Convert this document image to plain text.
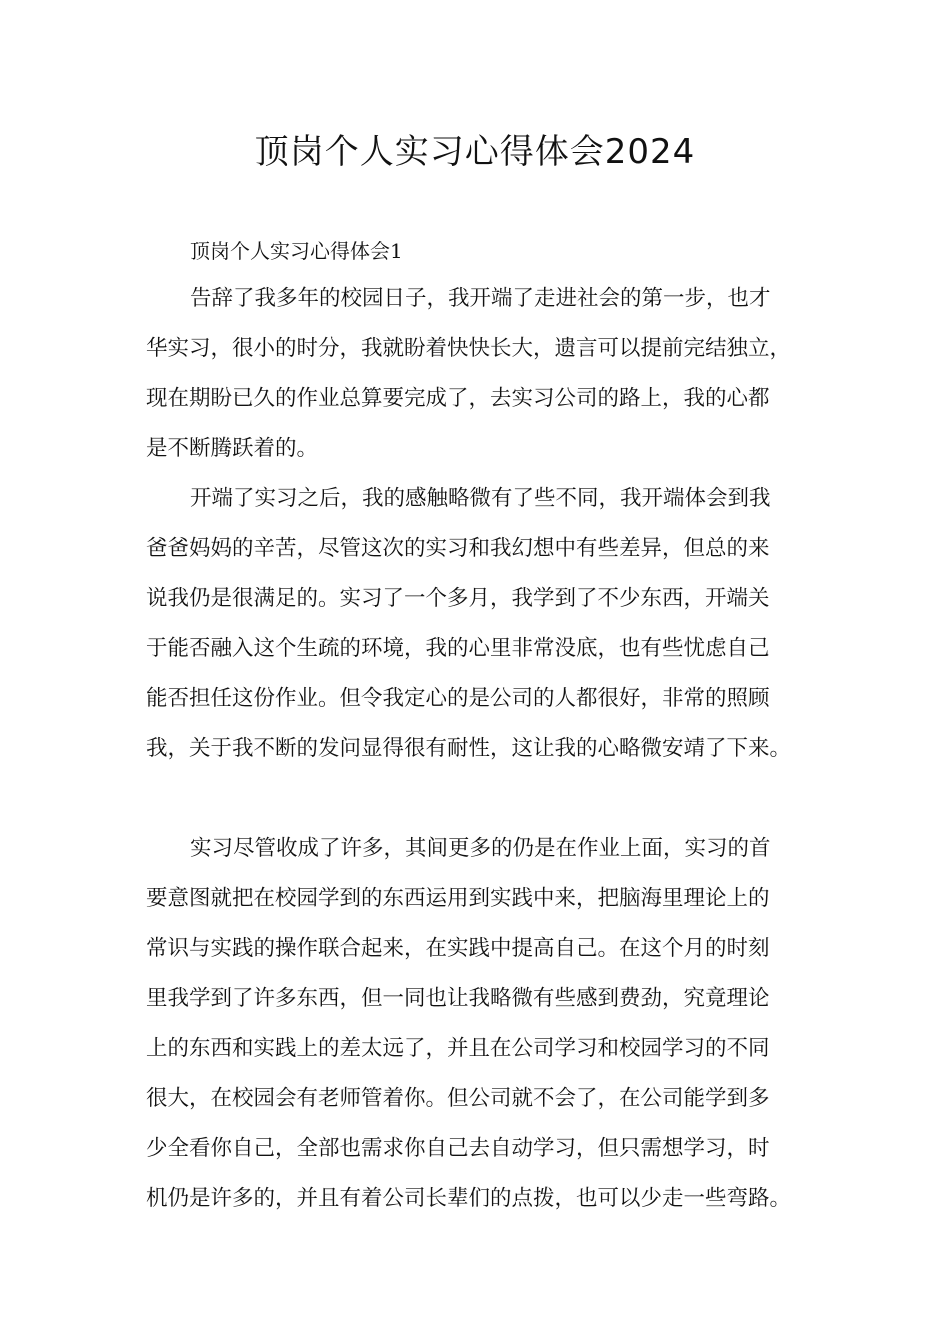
顶岗个人实习心得体会2024

顶岗个人实习心得体会1

告辞了我多年的校园日子，我开端了走进社会的第一步，也才
华实习，很小的时分，我就盼着快快长大，遗言可以提前完结独立，
现在期盼已久的作业总算要完成了，去实习公司的路上，我的心都
是不断腾跃着的。
开端了实习之后，我的感触略微有了些不同，我开端体会到我
爸爸妈妈的辛苦，尽管这次的实习和我幻想中有些差异，但总的来
说我仍是很满足的。实习了一个多月，我学到了不少东西，开端关
于能否融入这个生疏的环境，我的心里非常没底，也有些忧虑自己
能否担任这份作业。但令我定心的是公司的人都很好，非常的照顾
我，关于我不断的发问显得很有耐性，这让我的心略微安靖了下来。
实习尽管收成了许多，其间更多的仍是在作业上面，实习的首
要意图就把在校园学到的东西运用到实践中来，把脑海里理论上的
常识与实践的操作联合起来，在实践中提高自己。在这个月的时刻
里我学到了许多东西，但一同也让我略微有些感到费劲，究竟理论
上的东西和实践上的差太远了，并且在公司学习和校园学习的不同
很大，在校园会有老师管着你。但公司就不会了，在公司能学到多
少全看你自己，全部也需求你自己去自动学习，但只需想学习，时
机仍是许多的，并且有着公司长辈们的点拨，也可以少走一些弯路。
